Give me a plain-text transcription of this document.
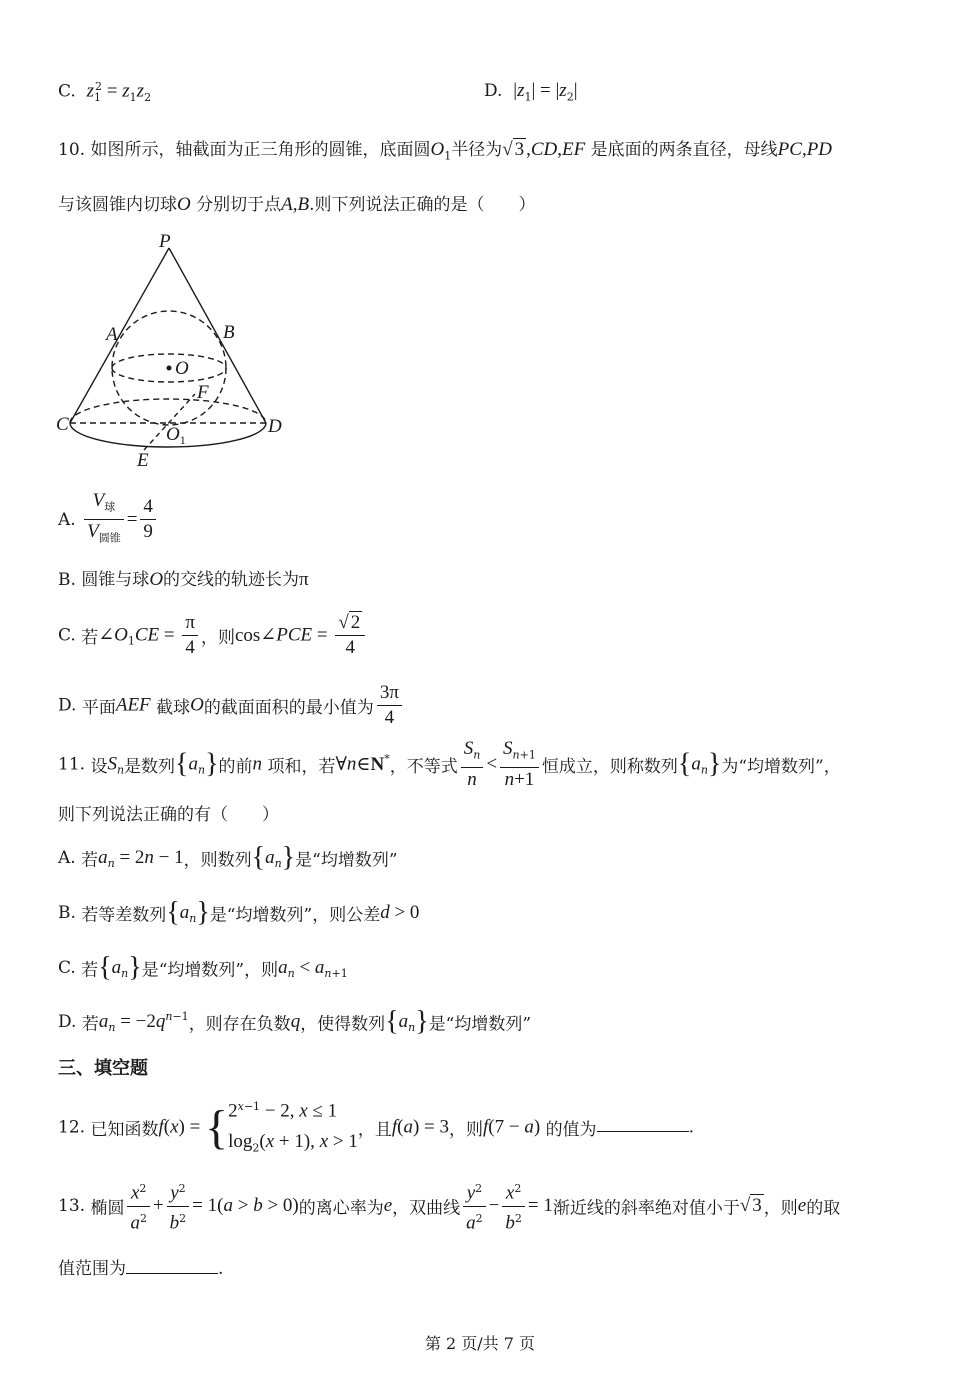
C. $z_1^2 = z_1z_2$	D. $|z_1| = |z_2|$
10. 如图所示，轴截面为正三角形的圆锥，底面圆$O_1$半径为√ 3 ,CD,EF 是底面的两条直径，母线PC,PD
与该圆锥内切球O 分别切于点A,B.则下列说法正确的是（　　）
P
A	B
O
F
C	$O_1$
D
E
A. $\frac{V_球}{V_{圆锥}} = \frac{4}{9}$
B. 圆锥与球O的交线的轨迹长为π
C. 若$\angle O_1CE = \frac{\pi}{4}$ ，则cos∠PCE = $\frac{√ 2}{4}$
D. 平面AEF 截球O的截面面积的最小值为 $\frac{3\pi}{4}$
11. 设$S_n$是数列$\{a_n\}$的前n 项和，若∀n∈N*，不等式 $\frac{S_n}{n} < \frac{S_{n+1}}{n+1}$ 恒成立，则称数列$\{a_n\}$为“均增数列”，
则下列说法正确的有（　　）
A. 若$a_n = 2n - 1$，则数列$\{a_n\}$是“均增数列”
B. 若等差数列$\{a_n\}$是“均增数列”，则公差d > 0
C. 若$\{a_n\}$是“均增数列”，则$a_n < a_{n+1}$
D. 若$a_n = -2q^{n-1}$，则存在负数q，使得数列$\{a_n\}$是“均增数列”
三、填空题
12. 已知函数f(x) = { $2^{x-1} - 2$, x ≤ 1
$\log_2(x + 1)$, x > 1
，且f(a) = 3，则f(7 − a) 的值为	.
13. 椭圆 $\frac{x^2}{a^2} + \frac{y^2}{b^2} = 1(a > b > 0)$的离心率为e，双曲线 $\frac{y^2}{a^2} - \frac{x^2}{b^2} = 1$渐近线的斜率绝对值小于√ 3 ，则e的取
值范围为	.
第 2 页/共 7 页
